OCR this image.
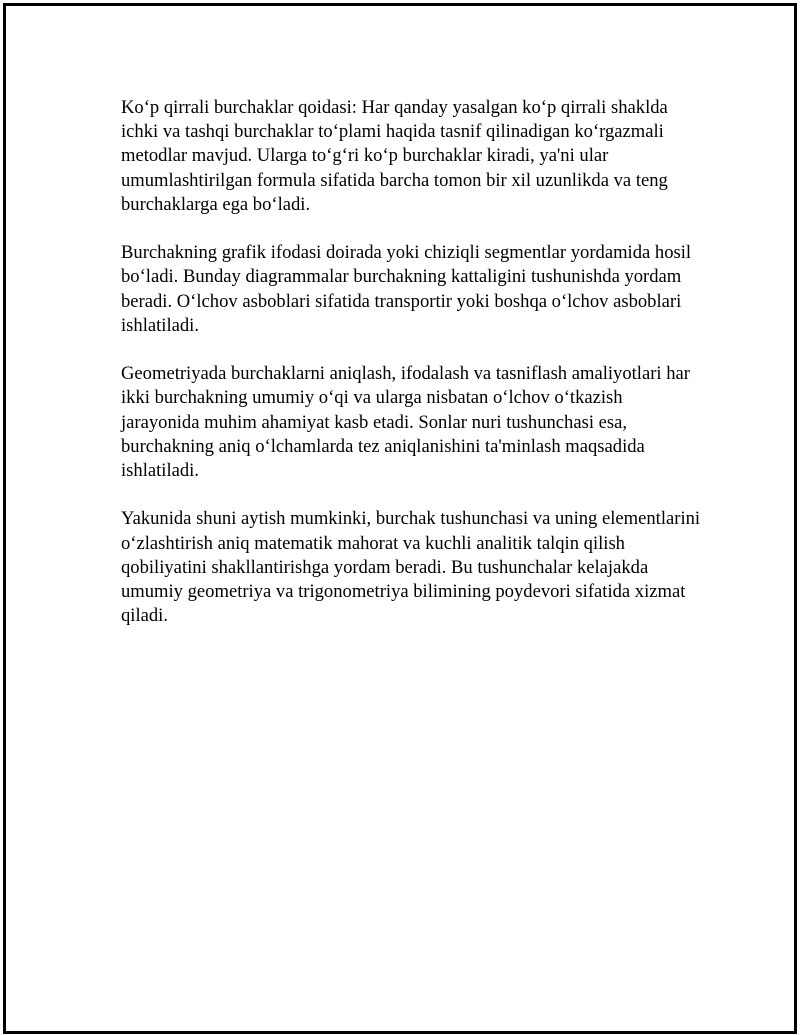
Ko‘p qirrali burchaklar qoidasi: Har qanday yasalgan ko‘p qirrali shaklda ichki va tashqi burchaklar to‘plami haqida tasnif qilinadigan ko‘rgazmali metodlar mavjud. Ularga to‘g‘ri ko‘p burchaklar kiradi, ya'ni ular umumlashtirilgan formula sifatida barcha tomon bir xil uzunlikda va teng burchaklarga ega bo‘ladi.

Burchakning grafik ifodasi doirada yoki chiziqli segmentlar yordamida hosil bo‘ladi. Bunday diagrammalar burchakning kattaligini tushunishda yordam beradi. O‘lchov asboblari sifatida transportir yoki boshqa o‘lchov asboblari ishlatiladi.

Geometriyada burchaklarni aniqlash, ifodalash va tasniflash amaliyotlari har ikki burchakning umumiy o‘qi va ularga nisbatan o‘lchov o‘tkazish jarayonida muhim ahamiyat kasb etadi. Sonlar nuri tushunchasi esa, burchakning aniq o‘lchamlarda tez aniqlanishini ta'minlash maqsadida ishlatiladi.

Yakunida shuni aytish mumkinki, burchak tushunchasi va uning elementlarini o‘zlashtirish aniq matematik mahorat va kuchli analitik talqin qilish qobiliyatini shakllantirishga yordam beradi. Bu tushunchalar kelajakda umumiy geometriya va trigonometriya bilimining poydevori sifatida xizmat qiladi.
